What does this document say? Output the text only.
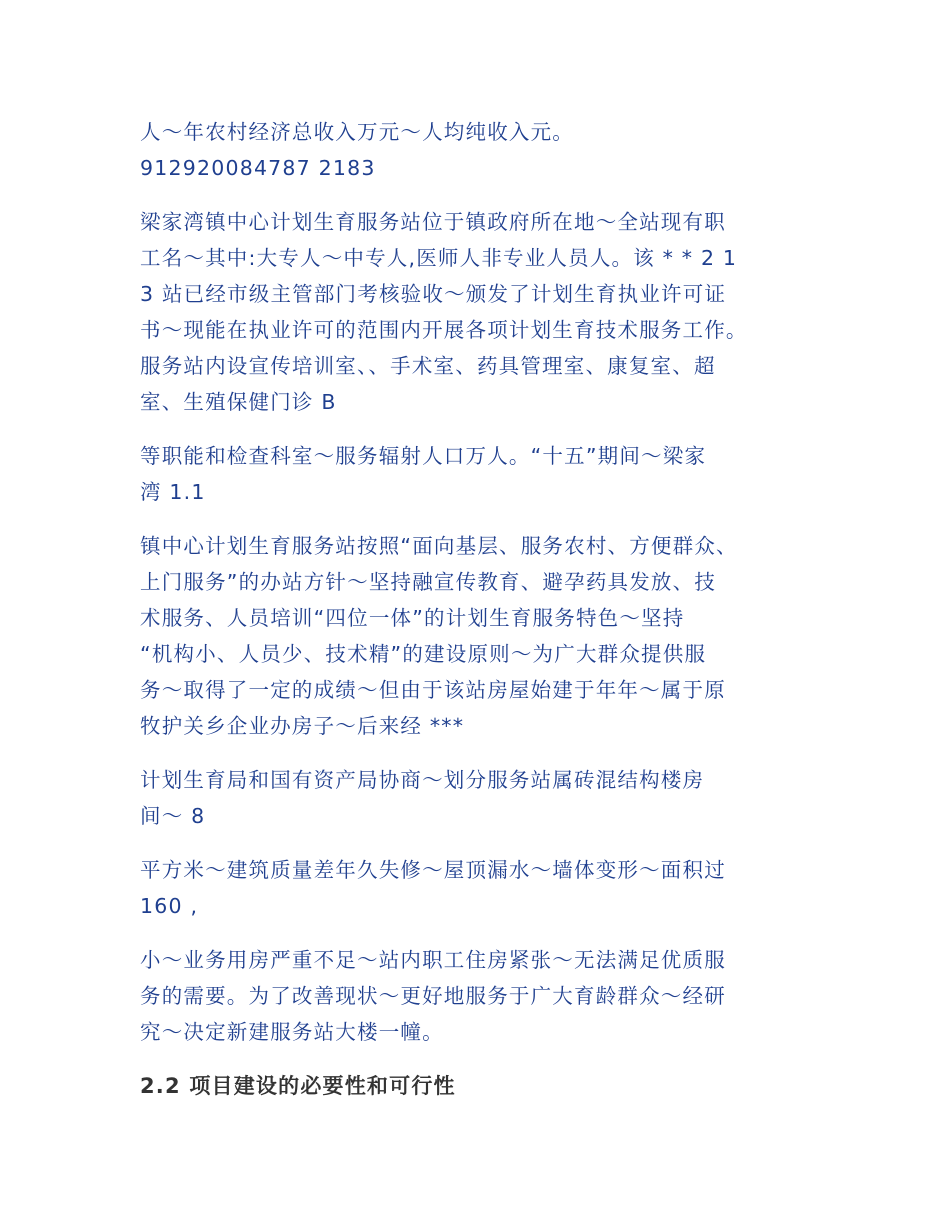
人～年农村经济总收入万元～人均纯收入元。
912920084787 2183

梁家湾镇中心计划生育服务站位于镇政府所在地～全站现有职
工名～其中:大专人～中专人,医师人非专业人员人。该 * * 2 1
3 站已经市级主管部门考核验收～颁发了计划生育执业许可证
书～现能在执业许可的范围内开展各项计划生育技术服务工作。
服务站内设宣传培训室、、手术室、药具管理室、康复室、超
室、生殖保健门诊 B

等职能和检查科室～服务辐射人口万人。“十五”期间～梁家
湾 1.1

镇中心计划生育服务站按照“面向基层、服务农村、方便群众、
上门服务”的办站方针～坚持融宣传教育、避孕药具发放、技
术服务、人员培训“四位一体”的计划生育服务特色～坚持
“机构小、人员少、技术精”的建设原则～为广大群众提供服
务～取得了一定的成绩～但由于该站房屋始建于年年～属于原
牧护关乡企业办房子～后来经 ***

计划生育局和国有资产局协商～划分服务站属砖混结构楼房
间～ 8

平方米～建筑质量差年久失修～屋顶漏水～墙体变形～面积过
160 ,

小～业务用房严重不足～站内职工住房紧张～无法满足优质服
务的需要。为了改善现状～更好地服务于广大育龄群众～经研
究～决定新建服务站大楼一幢。

2.2 项目建设的必要性和可行性
